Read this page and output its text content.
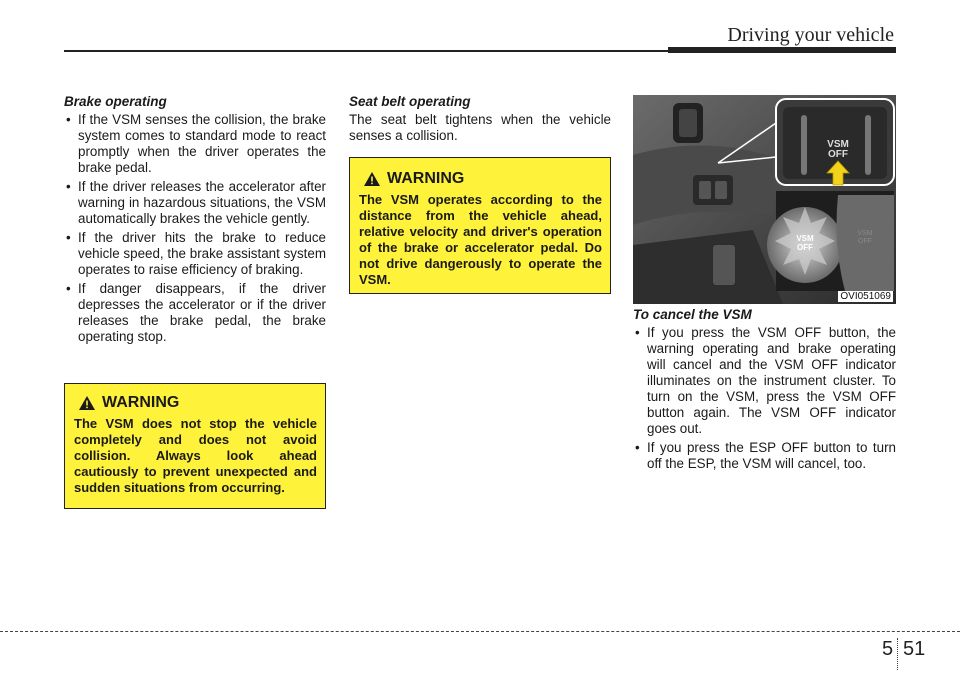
Driving your vehicle
Brake operating
• If the VSM senses the collision, the brake system comes to standard mode to react promptly when the driver operates the brake pedal.
• If the driver releases the accelerator after warning in hazardous situations, the VSM automatically brakes the vehicle gently.
• If the driver hits the brake to reduce vehicle speed, the brake assistant system operates to raise efficiency of braking.
• If danger disappears, if the driver depresses the accelerator or if the driver releases the brake pedal, the brake operating stop.
WARNING

The VSM does not stop the vehicle completely and does not avoid collision. Always look ahead cautiously to prevent unexpected and sudden situations from occurring.

Seat belt operating

The seat belt tightens when the vehicle senses a collision.

WARNING

The VSM operates according to the distance from the vehicle ahead, relative velocity and driver's operation of the brake or accelerator pedal. Do not drive dangerously to operate the VSM.

VSM
OFF
VSM
OFF
VSM
OFF
OVI051069
To cancel the VSM
• If you press the VSM OFF button, the warning operating and brake operating will cancel and the VSM OFF indicator illuminates on the instrument cluster. To turn on the VSM, press the VSM OFF button again. The VSM OFF indicator goes out.
• If you press the ESP OFF button to turn off the ESP, the VSM will cancel, too.
5 51
